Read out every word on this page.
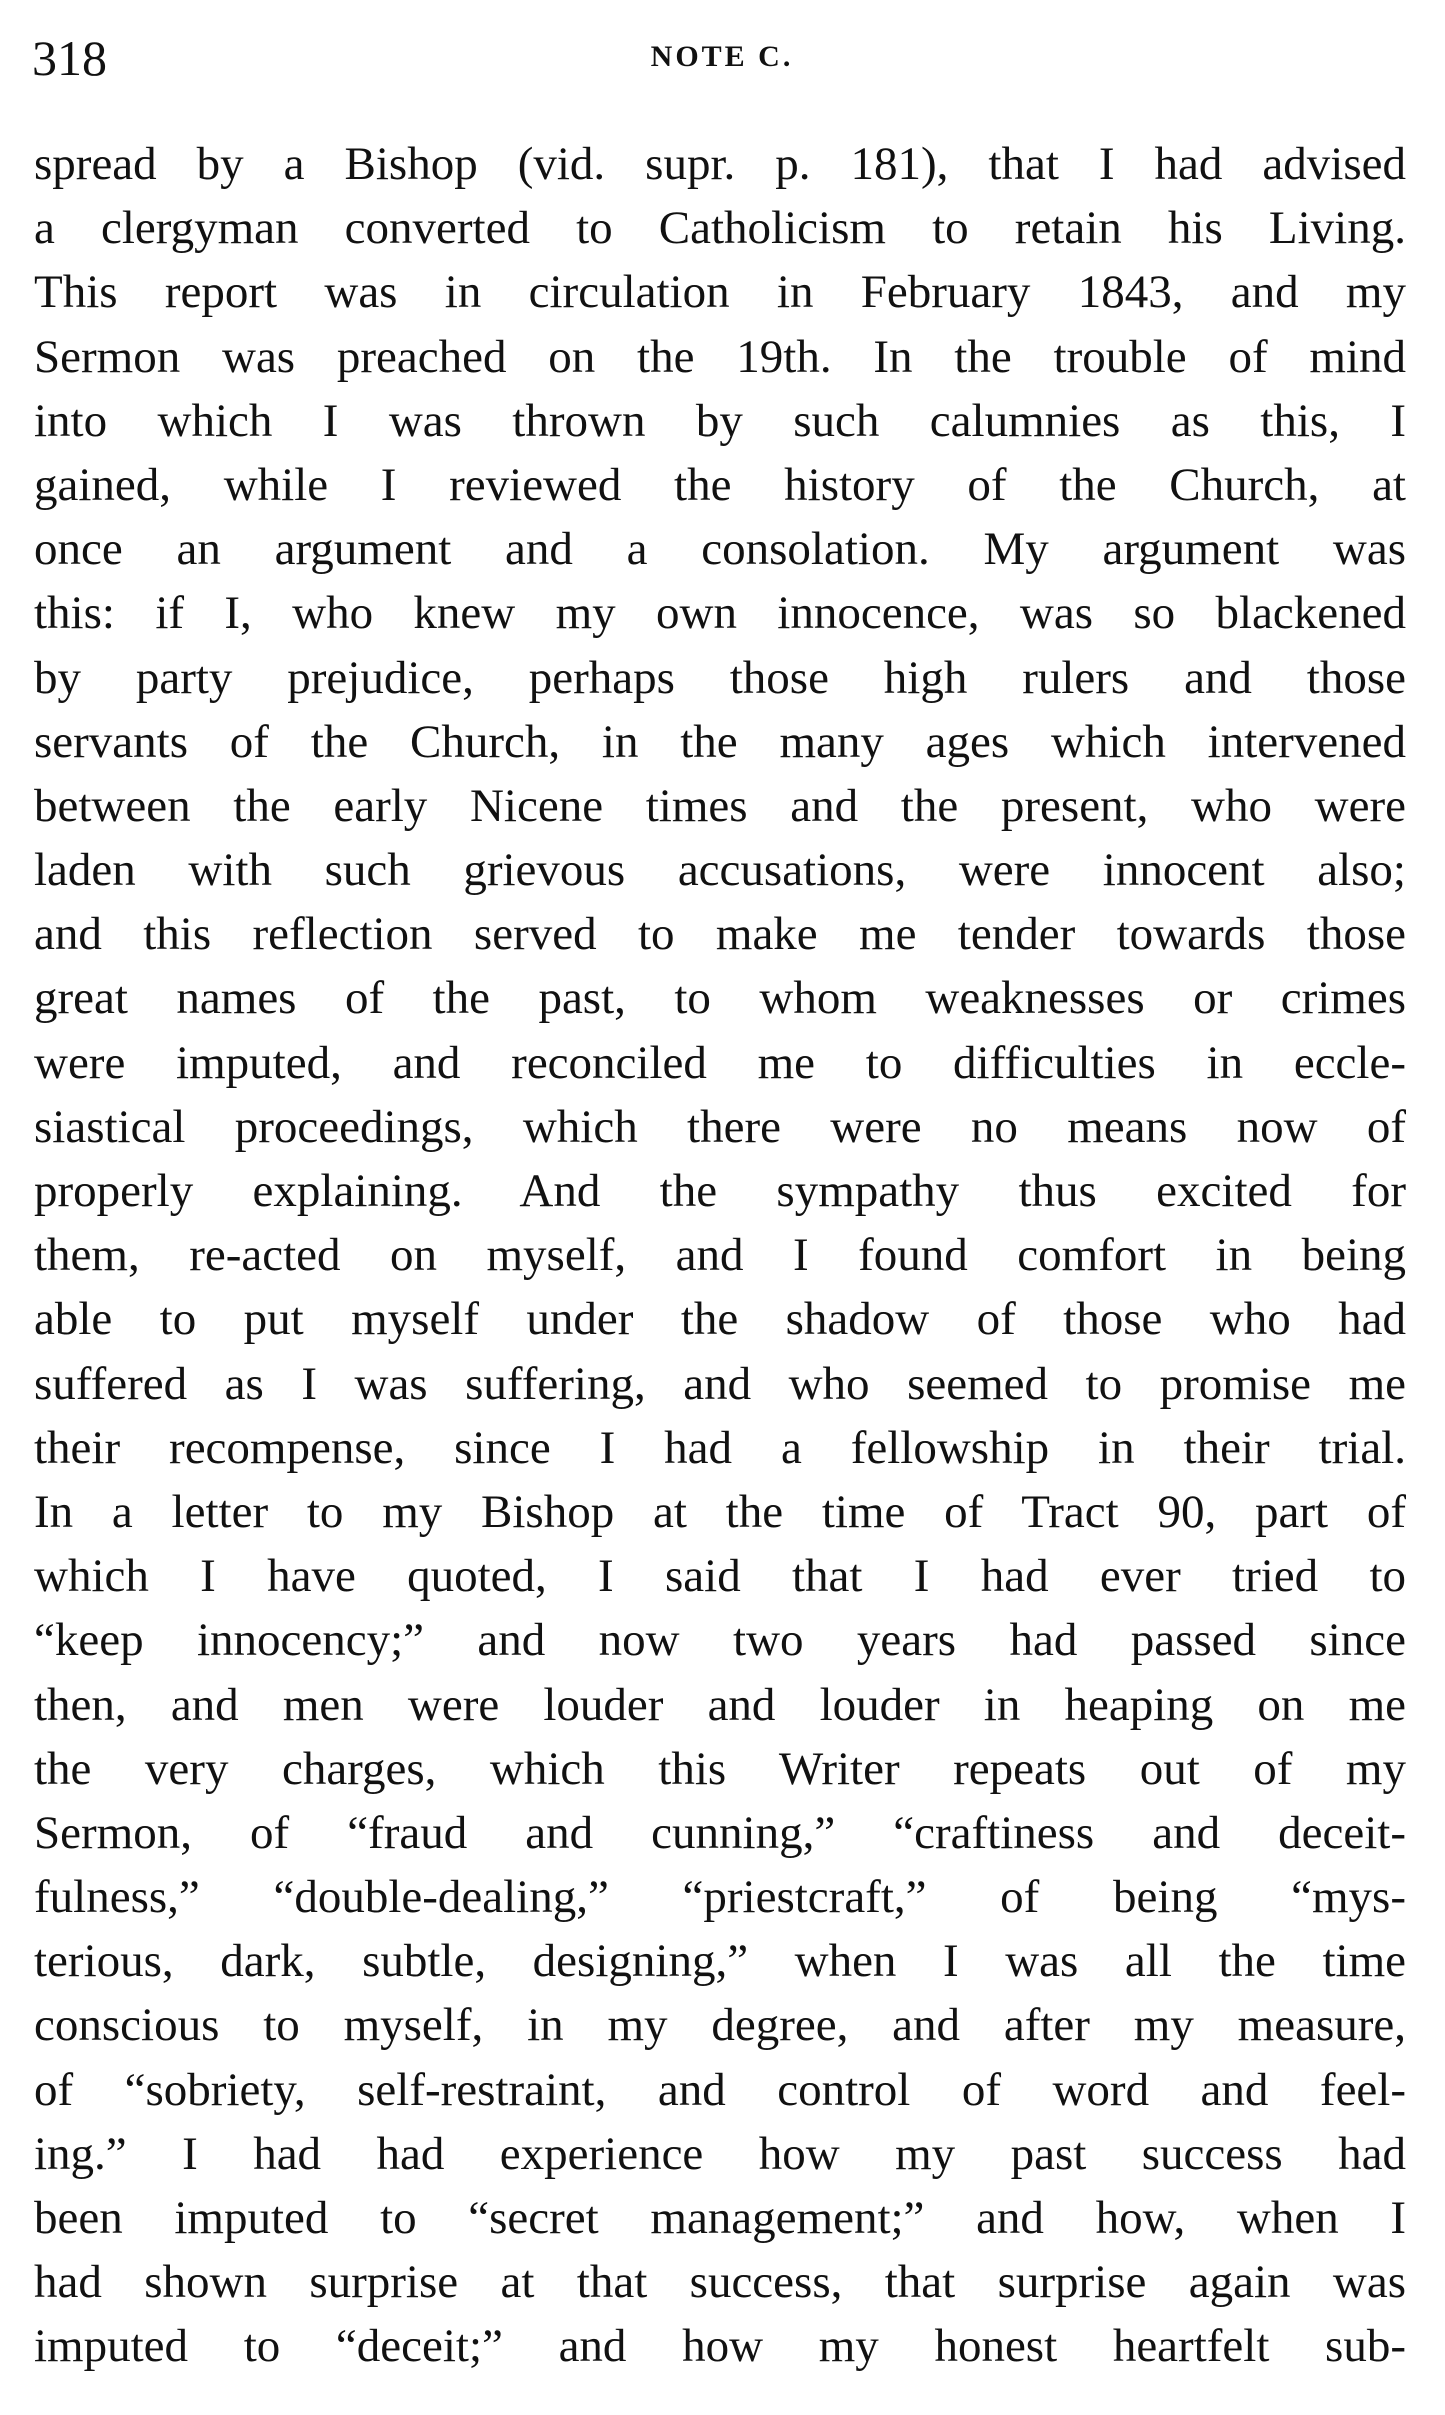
318	NOTE C.
spread by a Bishop (vid. supr. p. 181), that I had advised
a clergyman converted to Catholicism to retain his Living.
This report was in circulation in February 1843, and my
Sermon was preached on the 19th. In the trouble of mind
into which I was thrown by such calumnies as this, I
gained, while I reviewed the history of the Church, at
once an argument and a consolation. My argument was
this: if I, who knew my own innocence, was so blackened
by party prejudice, perhaps those high rulers and those
servants of the Church, in the many ages which intervened
between the early Nicene times and the present, who were
laden with such grievous accusations, were innocent also;
and this reflection served to make me tender towards those
great names of the past, to whom weaknesses or crimes
were imputed, and reconciled me to difficulties in eccle-
siastical proceedings, which there were no means now of
properly explaining. And the sympathy thus excited for
them, re-acted on myself, and I found comfort in being
able to put myself under the shadow of those who had
suffered as I was suffering, and who seemed to promise me
their recompense, since I had a fellowship in their trial.
In a letter to my Bishop at the time of Tract 90, part of
which I have quoted, I said that I had ever tried to
“keep innocency;” and now two years had passed since
then, and men were louder and louder in heaping on me
the very charges, which this Writer repeats out of my
Sermon, of “fraud and cunning,” “craftiness and deceit-
fulness,” “double-dealing,” “priestcraft,” of being “mys-
terious, dark, subtle, designing,” when I was all the time
conscious to myself, in my degree, and after my measure,
of “sobriety, self-restraint, and control of word and feel-
ing.” I had had experience how my past success had
been imputed to “secret management;” and how, when I
had shown surprise at that success, that surprise again was
imputed to “deceit;” and how my honest heartfelt sub-
